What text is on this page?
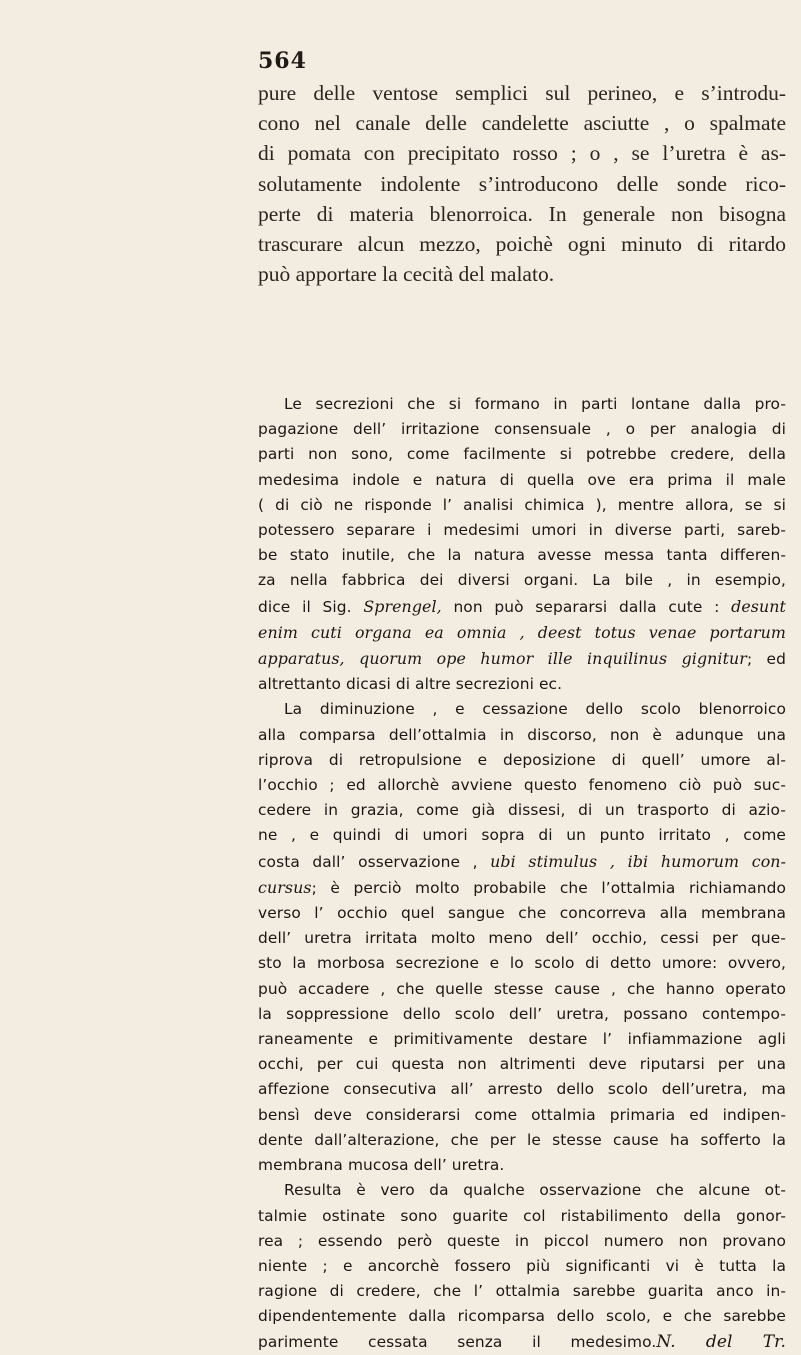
564
pure delle ventose semplici sul perineo, e s’introdu-
cono nel canale delle candelette asciutte , o spalmate
di pomata con precipitato rosso ; o , se l’uretra è as-
solutamente indolente s’introducono delle sonde rico-
perte di materia blenorroica. In generale non bisogna
trascurare alcun mezzo, poichè ogni minuto di ritardo
può apportare la cecità del malato.
Le secrezioni che si formano in parti lontane dalla pro-
pagazione dell’ irritazione consensuale , o per analogia di
parti non sono, come facilmente si potrebbe credere, della
medesima indole e natura di quella ove era prima il male
( di ciò ne risponde l’ analisi chimica ), mentre allora, se si
potessero separare i medesimi umori in diverse parti, sareb-
be stato inutile, che la natura avesse messa tanta differen-
za nella fabbrica dei diversi organi. La bile , in esempio,
dice il Sig. Sprengel, non può separarsi dalla cute : desunt
enim cuti organa ea omnia , deest totus venae portarum
apparatus, quorum ope humor ille inquilinus gignitur; ed
altrettanto dicasi di altre secrezioni ec.
La diminuzione , e cessazione dello scolo blenorroico
alla comparsa dell’ottalmia in discorso, non è adunque una
riprova di retropulsione e deposizione di quell’ umore al-
l’occhio ; ed allorchè avviene questo fenomeno ciò può suc-
cedere in grazia, come già dissesi, di un trasporto di azio-
ne , e quindi di umori sopra di un punto irritato , come
costa dall’ osservazione , ubi stimulus , ibi humorum con-
cursus; è perciò molto probabile che l’ottalmia richiamando
verso l’ occhio quel sangue che concorreva alla membrana
dell’ uretra irritata molto meno dell’ occhio, cessi per que-
sto la morbosa secrezione e lo scolo di detto umore: ovvero,
può accadere , che quelle stesse cause , che hanno operato
la soppressione dello scolo dell’ uretra, possano contempo-
raneamente e primitivamente destare l’ infiammazione agli
occhi, per cui questa non altrimenti deve riputarsi per una
affezione consecutiva all’ arresto dello scolo dell’uretra, ma
bensì deve considerarsi come ottalmia primaria ed indipen-
dente dall’alterazione, che per le stesse cause ha sofferto la
membrana mucosa dell’ uretra.
Resulta è vero da qualche osservazione che alcune ot-
talmie ostinate sono guarite col ristabilimento della gonor-
rea ; essendo però queste in piccol numero non provano
niente ; e ancorchè fossero più significanti vi è tutta la
ragione di credere, che l’ ottalmia sarebbe guarita anco in-
dipendentemente dalla ricomparsa dello scolo, e che sarebbe
parimente cessata senza il medesimo.N. del Tr.
